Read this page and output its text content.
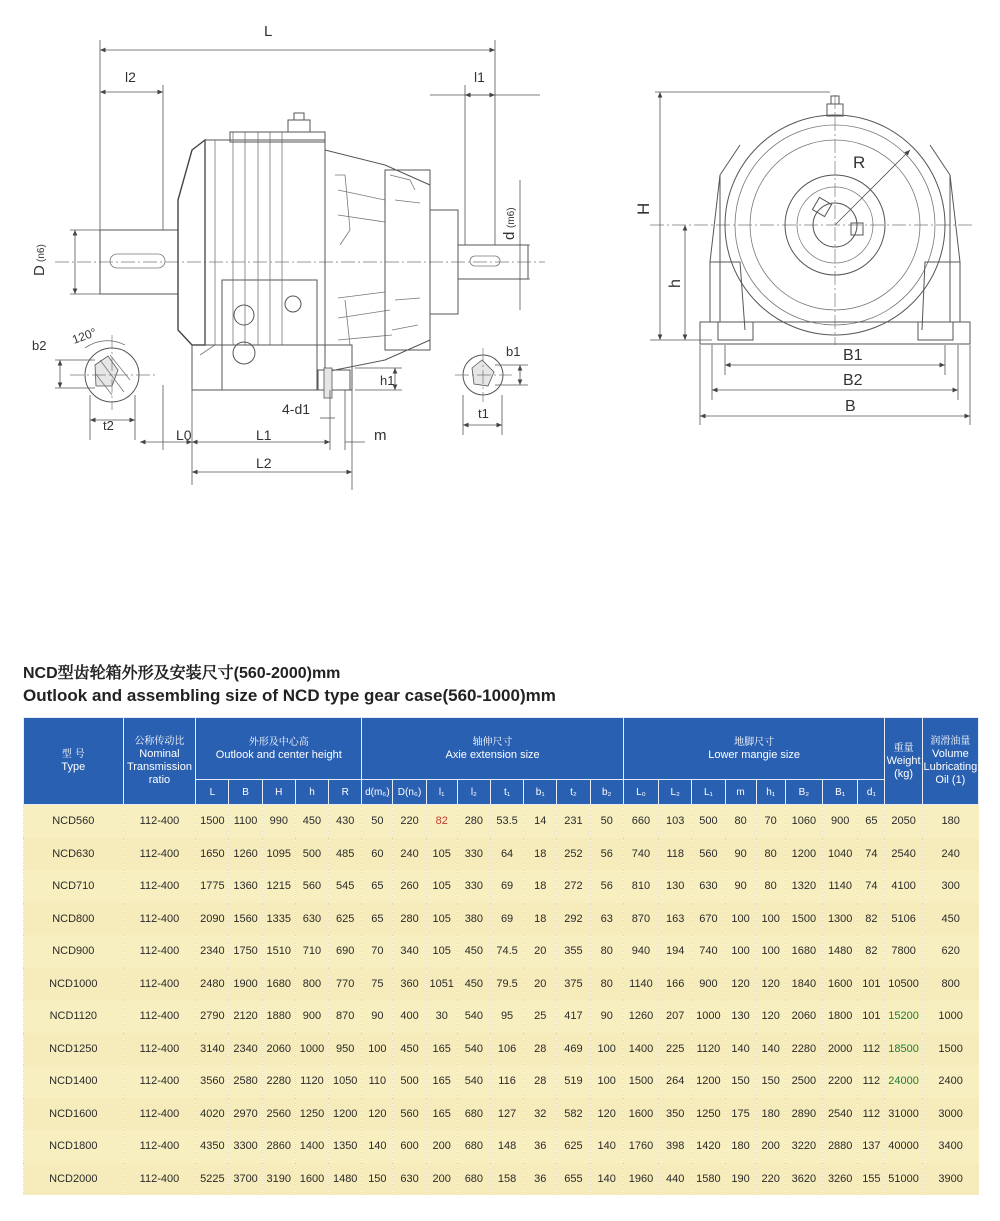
L
l2	l1
D
(n6)
d
(m6)
b2 120°
t2
L0	L1
L2
m
h1
4-d1
b1
t1
H
h
R
B1
B2
B
NCD型齿轮箱外形及安装尺寸(560-2000)mm
Outlook and assembling size of NCD type gear case(560-1000)mm
型 号
Type	公称传动比
Nominal Transmission ratio	外形及中心高
Outlook and center height					轴伸尺寸
Axie extension size								地脚尺寸
Lower mangie size								重量
Weight (kg)	润滑油量
Volume Lubricating Oil (1)
		L	B	H	h	R	d(m₆)	D(n₆)	l₁	l₂	t₁	b₁	t₂	b₂	L₀	L₂	L₁	m	h₁	B₂	B₁	d₁		
NCD560	112-400	1500	1100	990	450	430	50	220	82	280	53.5	14	231	50	660	103	500	80	70	1060	900	65	2050	180
NCD630	112-400	1650	1260	1095	500	485	60	240	105	330	64	18	252	56	740	118	560	90	80	1200	1040	74	2540	240
NCD710	112-400	1775	1360	1215	560	545	65	260	105	330	69	18	272	56	810	130	630	90	80	1320	1140	74	4100	300
NCD800	112-400	2090	1560	1335	630	625	65	280	105	380	69	18	292	63	870	163	670	100	100	1500	1300	82	5106	450
NCD900	112-400	2340	1750	1510	710	690	70	340	105	450	74.5	20	355	80	940	194	740	100	100	1680	1480	82	7800	620
NCD1000	112-400	2480	1900	1680	800	770	75	360	1051	450	79.5	20	375	80	1140	166	900	120	120	1840	1600	101	10500	800
NCD1120	112-400	2790	2120	1880	900	870	90	400	30	540	95	25	417	90	1260	207	1000	130	120	2060	1800	101	15200	1000
NCD1250	112-400	3140	2340	2060	1000	950	100	450	165	540	106	28	469	100	1400	225	1120	140	140	2280	2000	112	18500	1500
NCD1400	112-400	3560	2580	2280	1120	1050	110	500	165	540	116	28	519	100	1500	264	1200	150	150	2500	2200	112	24000	2400
NCD1600	112-400	4020	2970	2560	1250	1200	120	560	165	680	127	32	582	120	1600	350	1250	175	180	2890	2540	112	31000	3000
NCD1800	112-400	4350	3300	2860	1400	1350	140	600	200	680	148	36	625	140	1760	398	1420	180	200	3220	2880	137	40000	3400
NCD2000	112-400	5225	3700	3190	1600	1480	150	630	200	680	158	36	655	140	1960	440	1580	190	220	3620	3260	155	51000	3900
